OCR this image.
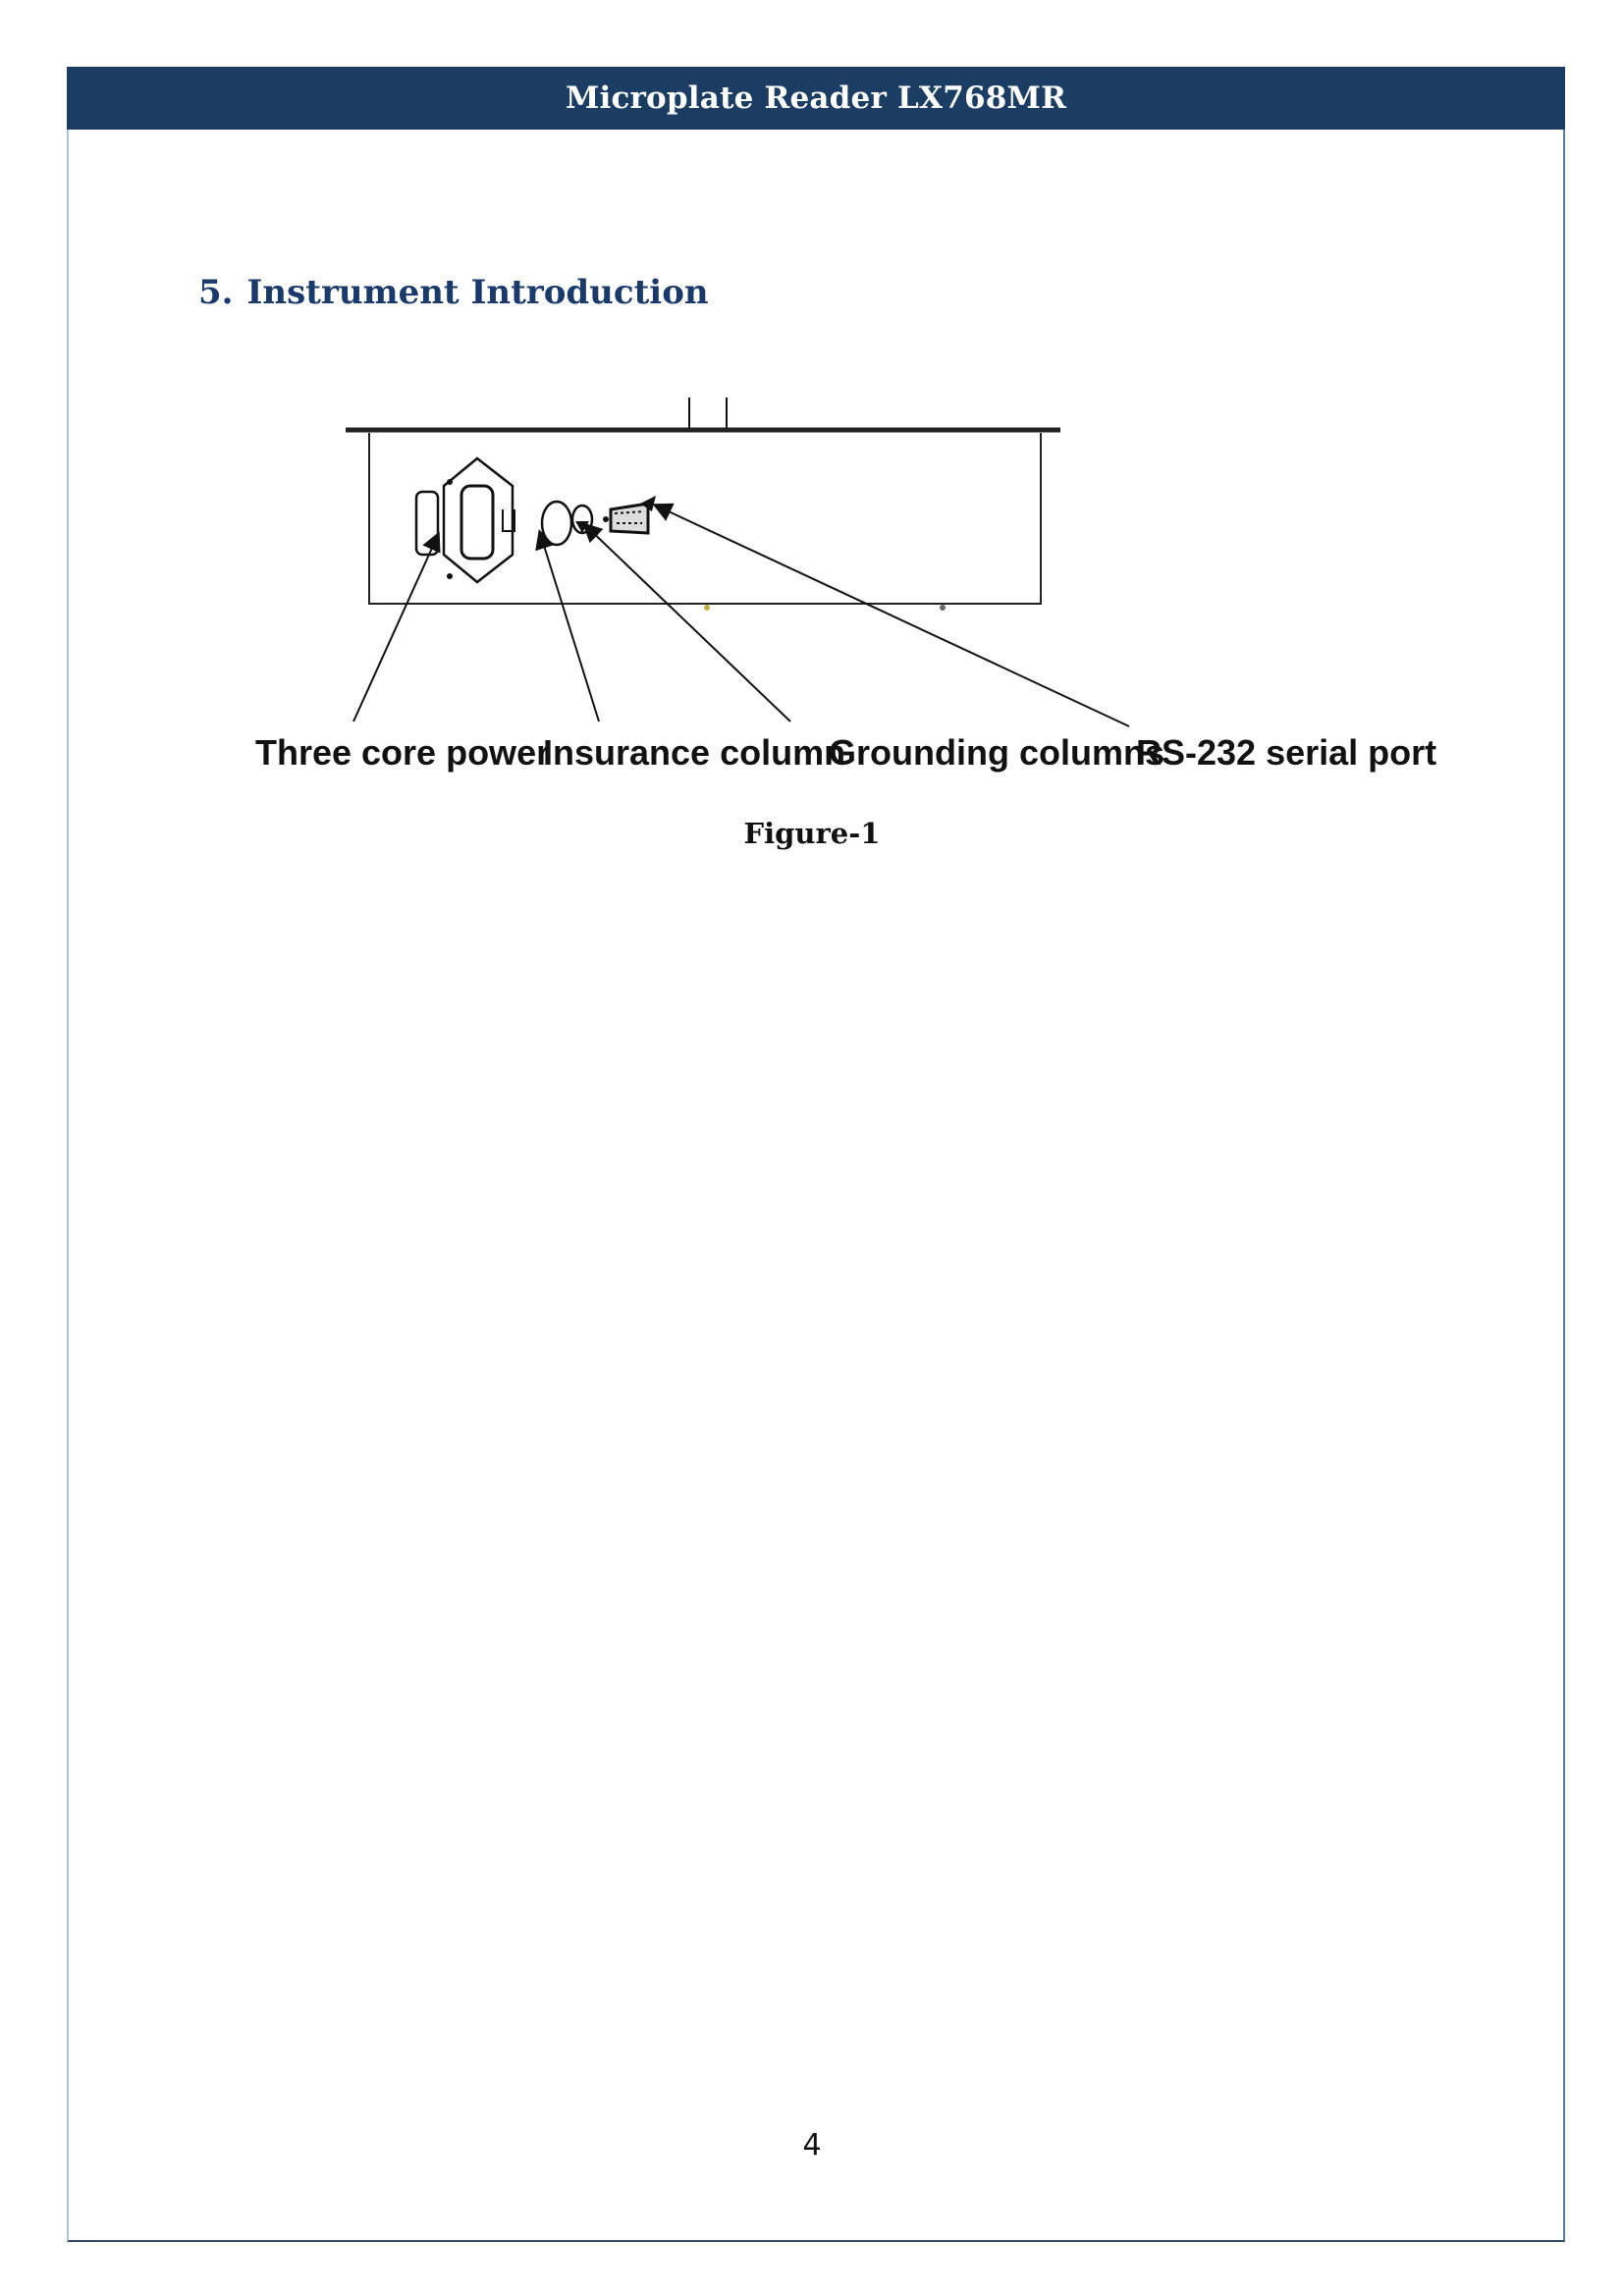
Microplate Reader LX768MR
5. Instrument Introduction
Three core power
Insurance column
Grounding columns
RS-232 serial port
Figure-1
4
